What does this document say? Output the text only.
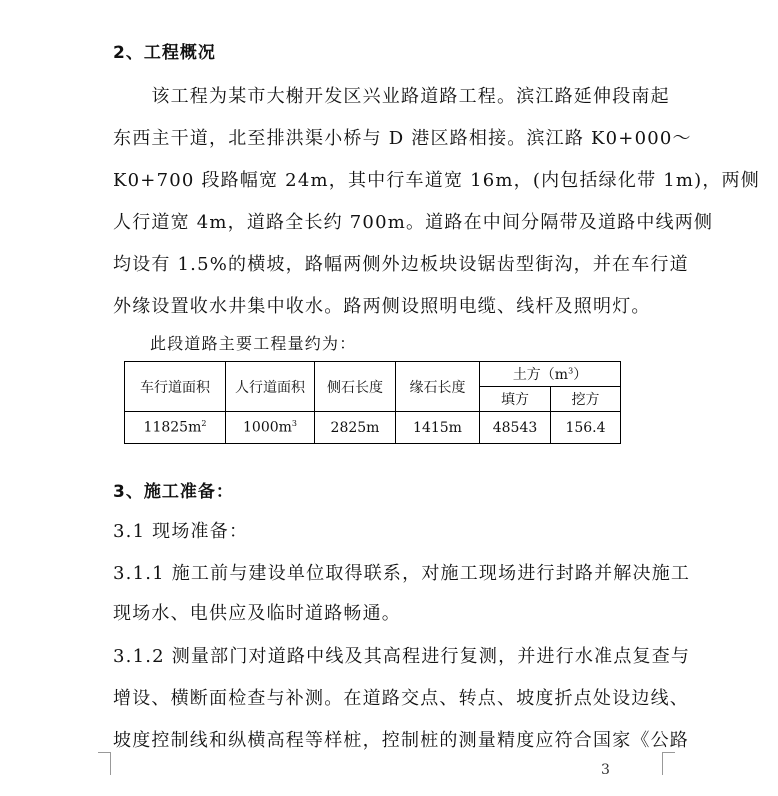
2、工程概况
　　该工程为某市大榭开发区兴业路道路工程。滨江路延伸段南起
东西主干道，北至排洪渠小桥与 D 港区路相接。滨江路 K0+000～
K0+700 段路幅宽 24m，其中行车道宽 16m，(内包括绿化带 1m)，两侧
人行道宽 4m，道路全长约 700m。道路在中间分隔带及道路中线两侧
均设有 1.5%的横坡，路幅两侧外边板块设锯齿型街沟，并在车行道
外缘设置收水井集中收水。路两侧设照明电缆、线杆及照明灯。
此段道路主要工程量约为：
车行道面积	人行道面积	侧石长度	缘石长度	土方$(m^3)$	
				填方	挖方
$11825m^2$	$1000m^3$	2825m	1415m	48543	156.4
3、施工准备：
3.1 现场准备：
3.1.1 施工前与建设单位取得联系，对施工现场进行封路并解决施工
现场水、电供应及临时道路畅通。
3.1.2 测量部门对道路中线及其高程进行复测，并进行水准点复查与
增设、横断面检查与补测。在道路交点、转点、坡度折点处设边线、
坡度控制线和纵横高程等样桩，控制桩的测量精度应符合国家《公路
3
